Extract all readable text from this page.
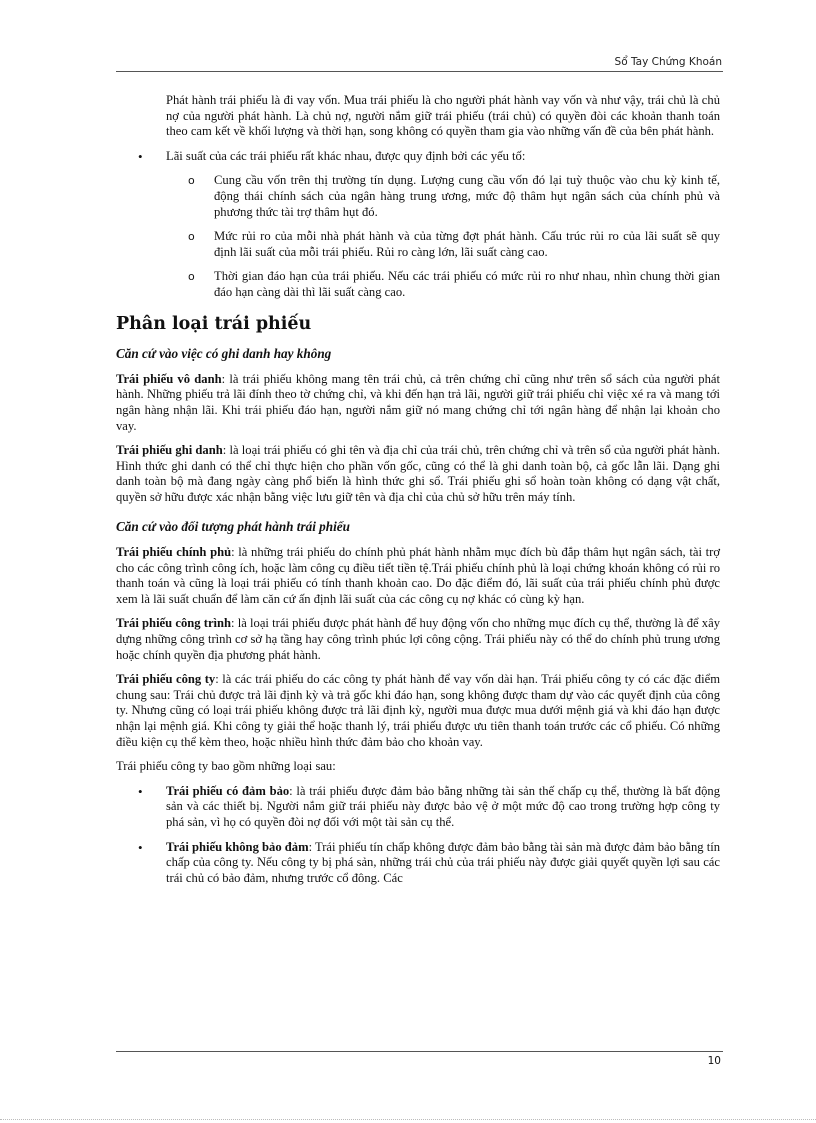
Sổ Tay Chứng Khoán

Phát hành trái phiếu là đi vay vốn. Mua trái phiếu là cho người phát hành vay vốn và như vậy, trái chủ là chủ nợ của người phát hành. Là chủ nợ, người nắm giữ trái phiếu (trái chủ) có quyền đòi các khoản thanh toán theo cam kết về khối lượng và thời hạn, song không có quyền tham gia vào những vấn đề của bên phát hành.

•	Lãi suất của các trái phiếu rất khác nhau, được quy định bởi các yếu tố:
o	Cung cầu vốn trên thị trường tín dụng. Lượng cung cầu vốn đó lại tuỳ thuộc vào chu kỳ kinh tế, động thái chính sách của ngân hàng trung ương, mức độ thâm hụt ngân sách của chính phủ và phương thức tài trợ thâm hụt đó.
o	Mức rủi ro của mỗi nhà phát hành và của từng đợt phát hành. Cấu trúc rủi ro của lãi suất sẽ quy định lãi suất của mỗi trái phiếu. Rủi ro càng lớn, lãi suất càng cao.
o	Thời gian đáo hạn của trái phiếu. Nếu các trái phiếu có mức rủi ro như nhau, nhìn chung thời gian đáo hạn càng dài thì lãi suất càng cao.
Phân loại trái phiếu
Căn cứ vào việc có ghi danh hay không

Trái phiếu vô danh: là trái phiếu không mang tên trái chủ, cả trên chứng chỉ cũng như trên sổ sách của người phát hành. Những phiếu trả lãi đính theo tờ chứng chỉ, và khi đến hạn trả lãi, người giữ trái phiếu chỉ việc xé ra và mang tới ngân hàng nhận lãi. Khi trái phiếu đáo hạn, người nắm giữ nó mang chứng chỉ tới ngân hàng để nhận lại khoản cho vay.

Trái phiếu ghi danh: là loại trái phiếu có ghi tên và địa chỉ của trái chủ, trên chứng chỉ và trên sổ của người phát hành. Hình thức ghi danh có thể chỉ thực hiện cho phần vốn gốc, cũng có thể là ghi danh toàn bộ, cả gốc lẫn lãi. Dạng ghi danh toàn bộ mà đang ngày càng phổ biến là hình thức ghi sổ. Trái phiếu ghi sổ hoàn toàn không có dạng vật chất, quyền sở hữu được xác nhận bằng việc lưu giữ tên và địa chỉ của chủ sở hữu trên máy tính.

Căn cứ vào đối tượng phát hành trái phiếu

Trái phiếu chính phủ: là những trái phiếu do chính phủ phát hành nhằm mục đích bù đắp thâm hụt ngân sách, tài trợ cho các công trình công ích, hoặc làm công cụ điều tiết tiền tệ.Trái phiếu chính phủ là loại chứng khoán không có rủi ro thanh toán và cũng là loại trái phiếu có tính thanh khoản cao. Do đặc điểm đó, lãi suất của trái phiếu chính phủ được xem là lãi suất chuẩn để làm căn cứ ấn định lãi suất của các công cụ nợ khác có cùng kỳ hạn.

Trái phiếu công trình: là loại trái phiếu được phát hành để huy động vốn cho những mục đích cụ thể, thường là để xây dựng những công trình cơ sở hạ tầng hay công trình phúc lợi công cộng. Trái phiếu này có thể do chính phủ trung ương hoặc chính quyền địa phương phát hành.

Trái phiếu công ty: là các trái phiếu do các công ty phát hành để vay vốn dài hạn. Trái phiếu công ty có các đặc điểm chung sau: Trái chủ được trả lãi định kỳ và trả gốc khi đáo hạn, song không được tham dự vào các quyết định của công ty. Nhưng cũng có loại trái phiếu không được trả lãi định kỳ, người mua được mua dưới mệnh giá và khi đáo hạn được nhận lại mệnh giá. Khi công ty giải thể hoặc thanh lý, trái phiếu được ưu tiên thanh toán trước các cổ phiếu. Có những điều kiện cụ thể kèm theo, hoặc nhiều hình thức đảm bảo cho khoản vay.

Trái phiếu công ty bao gồm những loại sau:

•	Trái phiếu có đảm bảo: là trái phiếu được đảm bảo bằng những tài sản thế chấp cụ thể, thường là bất động sản và các thiết bị. Người nắm giữ trái phiếu này được bảo vệ ở một mức độ cao trong trường hợp công ty phá sản, vì họ có quyền đòi nợ đối với một tài sản cụ thể.
•	Trái phiếu không bảo đảm: Trái phiếu tín chấp không được đảm bảo bằng tài sản mà được đảm bảo bằng tín chấp của công ty. Nếu công ty bị phá sản, những trái chủ của trái phiếu này được giải quyết quyền lợi sau các trái chủ có bảo đảm, nhưng trước cổ đông. Các
10
